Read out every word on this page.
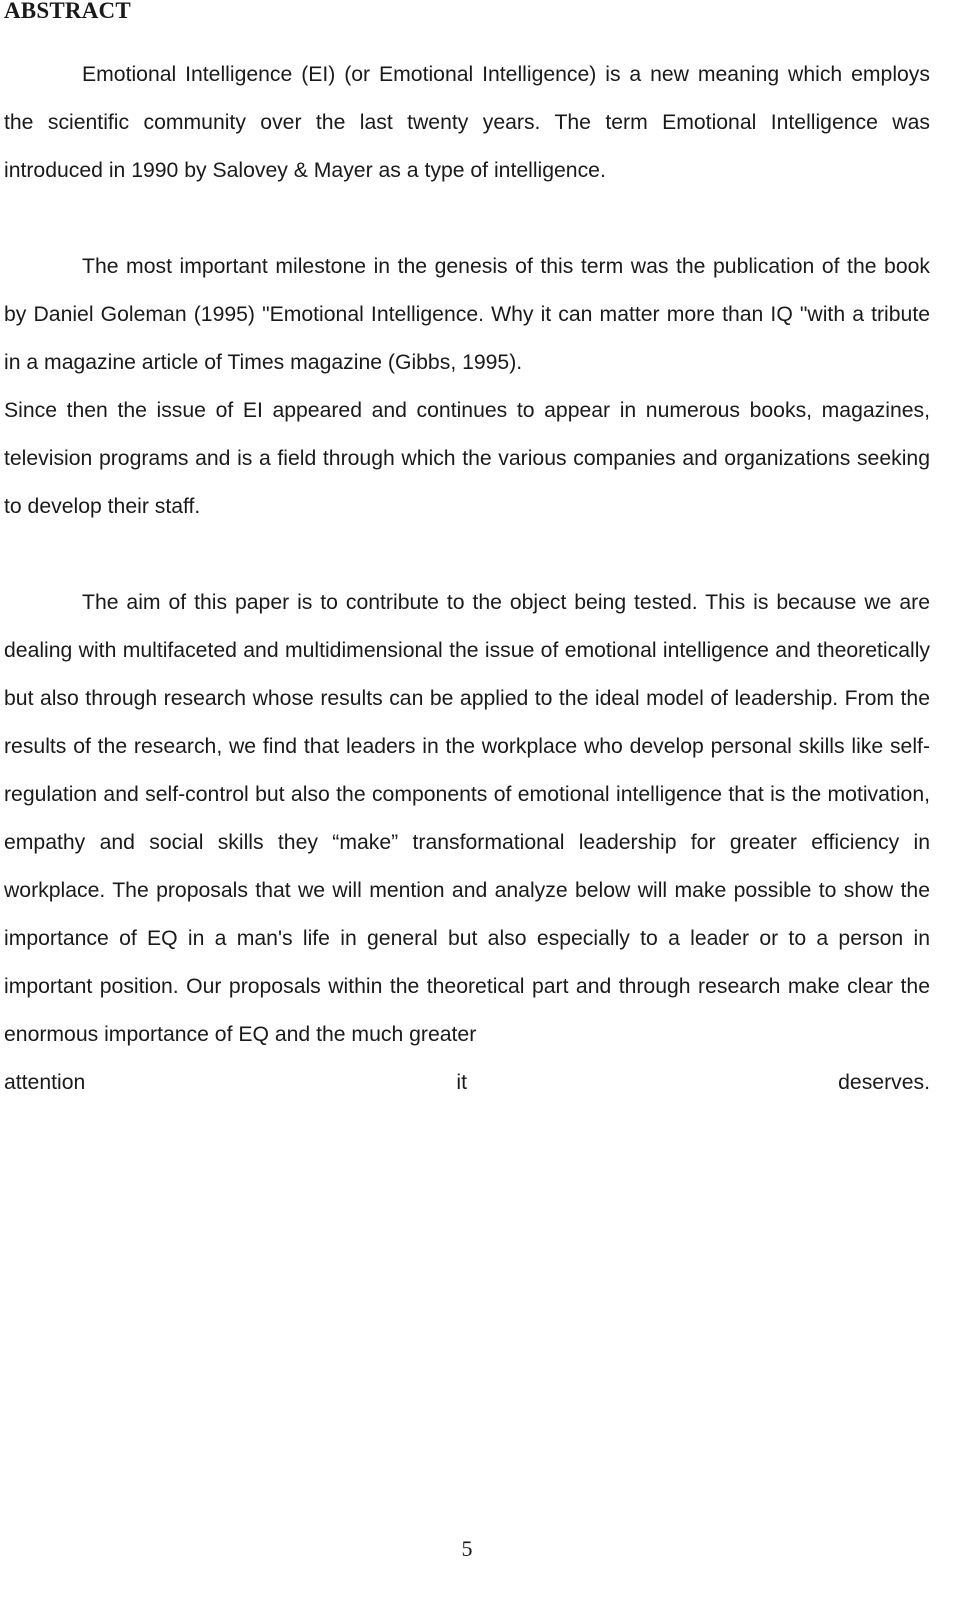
ABSTRACT

Emotional Intelligence (EI) (or Emotional Intelligence) is a new meaning which employs the scientific community over the last twenty years. The term Emotional Intelligence was introduced in 1990 by Salovey & Mayer as a type of intelligence.

The most important milestone in the genesis of this term was the publication of the book by Daniel Goleman (1995) "Emotional Intelligence. Why it can matter more than IQ "with a tribute in a magazine article of Times magazine (Gibbs, 1995).

Since then the issue of EI appeared and continues to appear in numerous books, magazines, television programs and is a field through which the various companies and organizations seeking to develop their staff.

The aim of this paper is to contribute to the object being tested. This is because we are dealing with multifaceted and multidimensional the issue of emotional intelligence and theoretically but also through research whose results can be applied to the ideal model of leadership. From the results of the research, we find that leaders in the workplace who develop personal skills like self-regulation and self-control but also the components of emotional intelligence that is the motivation, empathy and social skills they “make” transformational leadership for greater efficiency in workplace. The proposals that we will mention and analyze below will make possible to show the importance of EQ in a man's life in general but also especially to a leader or to a person in important position. Our proposals within the theoretical part and through research make clear the enormous importance of EQ and the much greater
attention it deserves.

5
